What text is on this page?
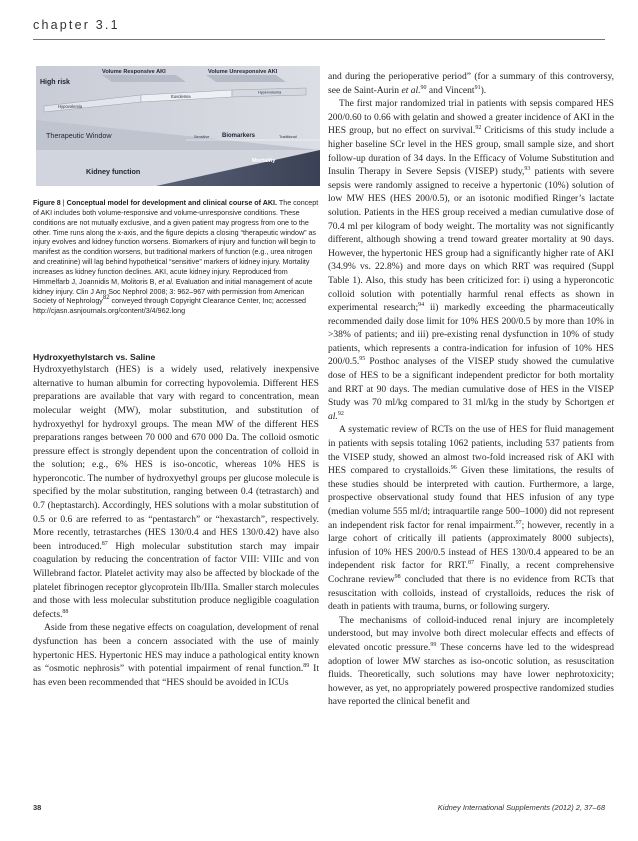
chapter 3.1
High risk
Volume Responsive AKI	Volume Unresponsive AKI
Hypovolemia
Euvolemia
Hypervolemia
Therapeutic Window	Sensitive Biomarkers	Traditional
Mortality
Kidney function
Figure 8 | Conceptual model for development and clinical course of AKI. The concept of AKI includes both volume-responsive and volume-unresponsive conditions. These conditions are not mutually exclusive, and a given patient may progress from one to the other. Time runs along the x-axis, and the figure depicts a closing “therapeutic window” as injury evolves and kidney function worsens. Biomarkers of injury and function will begin to manifest as the condition worsens, but traditional markers of function (e.g., urea nitrogen and creatinine) will lag behind hypothetical “sensitive” markers of kidney injury. Mortality increases as kidney function declines. AKI, acute kidney injury. Reproduced from Himmelfarb J, Joannidis M, Molitoris B, et al. Evaluation and initial management of acute kidney injury. Clin J Am Soc Nephrol 2008; 3: 962–967 with permission from American Society of Nephrology$^{82}$ conveyed through Copyright Clearance Center, Inc; accessed http://cjasn.asnjournals.org/content/3/4/962.long
Hydroxyethylstarch vs. Saline

Hydroxyethylstarch (HES) is a widely used, relatively inexpensive alternative to human albumin for correcting hypovolemia. Different HES preparations are available that vary with regard to concentration, mean molecular weight (MW), molar substitution, and substitution of hydroxyethyl for hydroxyl groups. The mean MW of the different HES preparations ranges between 70 000 and 670 000 Da. The colloid osmotic pressure effect is strongly dependent upon the concentration of colloid in the solution; e.g., 6% HES is iso-oncotic, whereas 10% HES is hyperoncotic. The number of hydroxyethyl groups per glucose molecule is specified by the molar substitution, ranging between 0.4 (tetrastarch) and 0.7 (heptastarch). Accordingly, HES solutions with a molar substitution of 0.5 or 0.6 are referred to as “pentastarch” or “hexastarch”, respectively. More recently, tetrastarches (HES 130/0.4 and HES 130/0.42) have also been introduced.$^{87}$ High molecular substitution starch may impair coagulation by reducing the concentration of factor VIII: VIIIc and von Willebrand factor. Platelet activity may also be affected by blockade of the platelet fibrinogen receptor glycoprotein IIb/IIIa. Smaller starch molecules and those with less molecular substitution produce negligible coagulation defects.$^{88}$

Aside from these negative effects on coagulation, development of renal dysfunction has been a concern associated with the use of mainly hypertonic HES. Hypertonic HES may induce a pathological entity known as “osmotic nephrosis” with potential impairment of renal function.$^{89}$ It has even been recommended that “HES should be avoided in ICUs

and during the perioperative period” (for a summary of this controversy, see de Saint-Aurin et al.$^{90}$ and Vincent$^{91}$).

The first major randomized trial in patients with sepsis compared HES 200/0.60 to 0.66 with gelatin and showed a greater incidence of AKI in the HES group, but no effect on survival.$^{92}$ Criticisms of this study include a higher baseline SCr level in the HES group, small sample size, and short follow-up duration of 34 days. In the Efficacy of Volume Substitution and Insulin Therapy in Severe Sepsis (VISEP) study,$^{93}$ patients with severe sepsis were randomly assigned to receive a hypertonic (10%) solution of low MW HES (HES 200/0.5), or an isotonic modified Ringer’s lactate solution. Patients in the HES group received a median cumulative dose of 70.4 ml per kilogram of body weight. The mortality was not significantly different, although showing a trend toward greater mortality at 90 days. However, the hypertonic HES group had a significantly higher rate of AKI (34.9% vs. 22.8%) and more days on which RRT was required (Suppl Table 1). Also, this study has been criticized for: i) using a hyperoncotic colloid solution with potentially harmful renal effects as shown in experimental research;$^{94}$ ii) markedly exceeding the pharmaceutically recommended daily dose limit for 10% HES 200/0.5 by more than 10% in >38% of patients; and iii) pre-existing renal dysfunction in 10% of study patients, which represents a contra-indication for infusion of 10% HES 200/0.5.95 Posthoc analyses of the VISEP study showed the cumulative dose of HES to be a significant independent predictor for both mortality and RRT at 90 days. The median cumulative dose of HES in the VISEP Study was 70 ml/kg compared to 31 ml/kg in the study by Schortgen et al.$^{92}$

A systematic review of RCTs on the use of HES for fluid management in patients with sepsis totaling 1062 patients, including 537 patients from the VISEP study, showed an almost two-fold increased risk of AKI with HES compared to crystalloids.$^{96}$ Given these limitations, the results of these studies should be interpreted with caution. Furthermore, a large, prospective observational study found that HES infusion of any type (median volume 555 ml/d; intraquartile range 500–1000) did not represent an independent risk factor for renal impairment.$^{97}$; however, recently in a large cohort of critically ill patients (approximately 8000 subjects), infusion of 10% HES 200/0.5 instead of HES 130/0.4 appeared to be an independent risk factor for RRT.$^{87}$ Finally, a recent comprehensive Cochrane review$^{98}$ concluded that there is no evidence from RCTs that resuscitation with colloids, instead of crystalloids, reduces the risk of death in patients with trauma, burns, or following surgery.

The mechanisms of colloid-induced renal injury are incompletely understood, but may involve both direct molecular effects and effects of elevated oncotic pressure.$^{99}$ These concerns have led to the widespread adoption of lower MW starches as iso-oncotic solution, as resuscitation fluids. Theoretically, such solutions may have lower nephrotoxicity; however, as yet, no appropriately powered prospective randomized studies have reported the clinical benefit and

38	Kidney International Supplements (2012) 2, 37–68
